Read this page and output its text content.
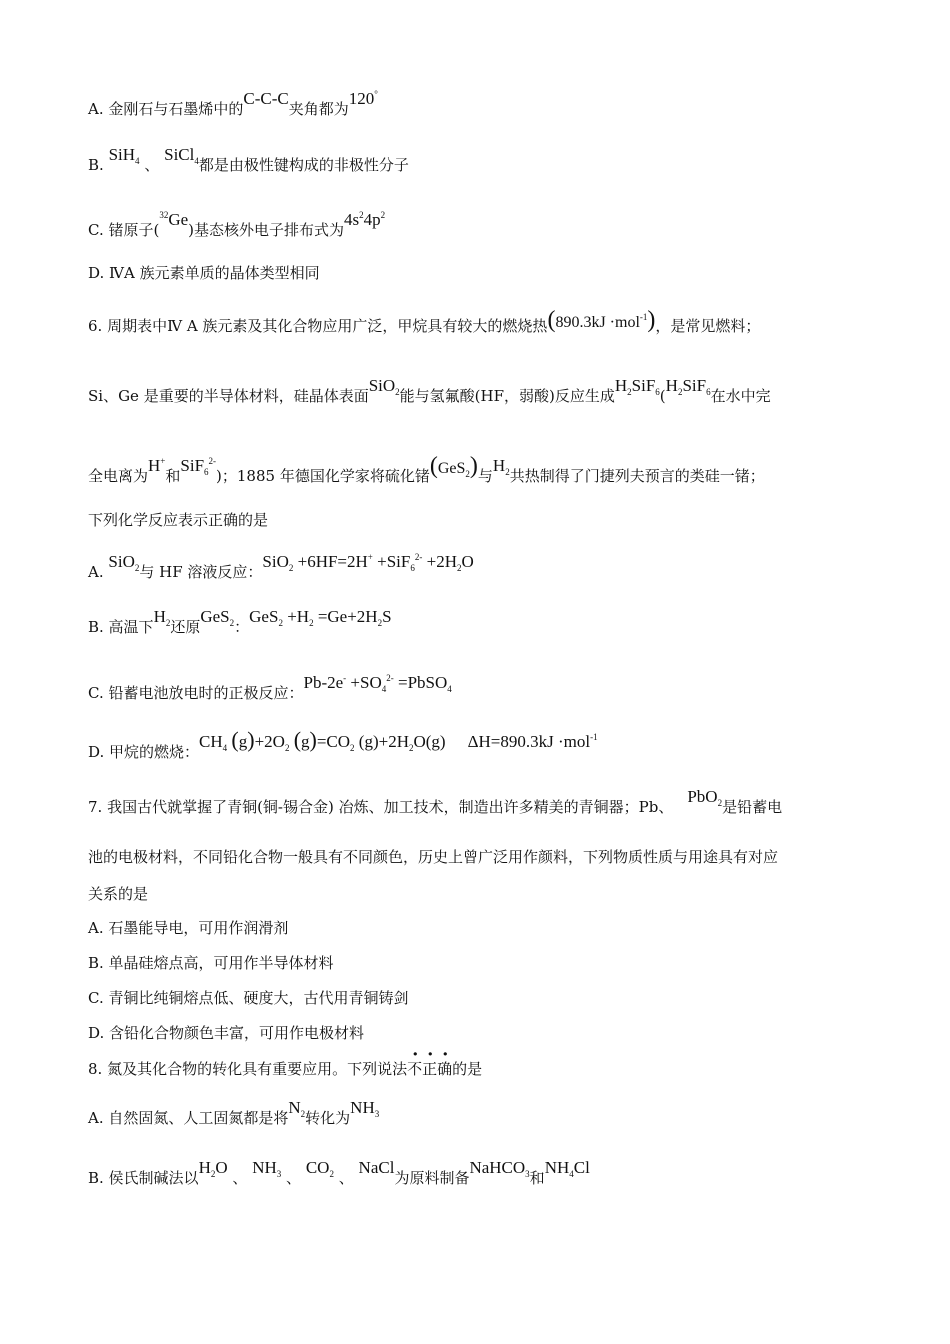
A. 金刚石与石墨烯中的C-C-C夹角都为120°
B. SiH$_4$ 、 SiCl$_4$都是由极性键构成的非极性分子
C. 锗原子($^{32}$Ge)基态核外电子排布式为$4s^24p^2$
D. ⅣA 族元素单质的晶体类型相同
6. 周期表中Ⅳ A 族元素及其化合物应用广泛，甲烷具有较大的燃烧热(890.3kJ ·mol$^{-1}$)，是常见燃料；
Si、Ge 是重要的半导体材料，硅晶体表面SiO$_2$能与氢氟酸(HF，弱酸)反应生成$H_2SiF_6(H_2SiF_6$在水中完
全电离为H+和SiF$_6^{2-}$)；1885 年德国化学家将硫化锗(GeS$_2$)与$H_2$共热制得了门捷列夫预言的类硅一锗；
下列化学反应表示正确的是
A. SiO$_2$与 HF 溶液反应：$SiO_2 +6HF=2H^+ +SiF_6^{2-} +2H_2O$
B. 高温下$H_2$还原GeS$_2$：$GeS_2 +H_2 =Ge+2H_2S$
C. 铅蓄电池放电时的正极反应：$Pb-2e^- +SO_4^{2-}$ =PbSO$_4$
D. 甲烷的燃烧：$CH_4$ $(g)+2O_2$ $(g)=CO_2$ $(g)+2H_2O(g)$ ΔH=890.3kJ ·mol$^{-1}$
7. 我国古代就掌握了青铜(铜-锡合金) 冶炼、加工技术，制造出许多精美的青铜器；Pb、PbO$_2$是铅蓄电
池的电极材料，不同铅化合物一般具有不同颜色，历史上曾广泛用作颜料，下列物质性质与用途具有对应
关系的是
A. 石墨能导电，可用作润滑剂
B. 单晶硅熔点高，可用作半导体材料
C. 青铜比纯铜熔点低、硬度大，古代用青铜铸剑
D. 含铅化合物颜色丰富，可用作电极材料
8. 氮及其化合物的转化具有重要应用。下列说法不正确的是
A. 自然固氮、人工固氮都是将$N_2$转化为$NH_3$
B. 侯氏制碱法以$H_2O$ 、 $NH_3$ 、 $CO_2$ 、 NaCl为原料制备NaHCO$_3$和$NH_4Cl$
